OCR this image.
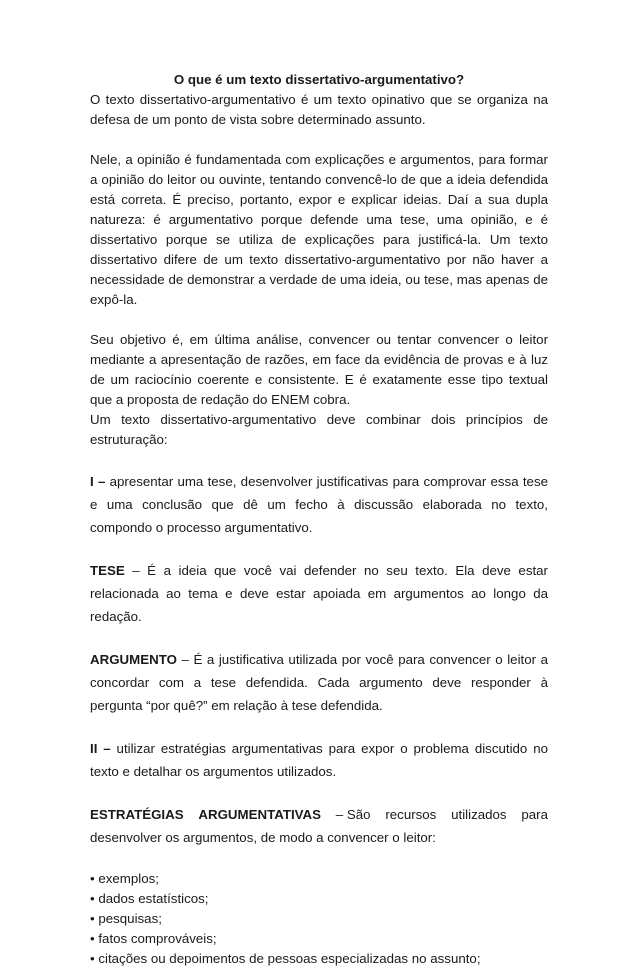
O que é um texto dissertativo-argumentativo?

O texto dissertativo-argumentativo é um texto opinativo que se organiza na defesa de um ponto de vista sobre determinado assunto.

Nele, a opinião é fundamentada com explicações e argumentos, para formar a opinião do leitor ou ouvinte, tentando convencê-lo de que a ideia defendida está correta. É preciso, portanto, expor e explicar ideias. Daí a sua dupla natureza: é argumentativo porque defende uma tese, uma opinião, e é dissertativo porque se utiliza de explicações para justificá-la. Um texto dissertativo difere de um texto dissertativo-argumentativo por não haver a necessidade de demonstrar a verdade de uma ideia, ou tese, mas apenas de expô-la.

Seu objetivo é, em última análise, convencer ou tentar convencer o leitor mediante a apresentação de razões, em face da evidência de provas e à luz de um raciocínio coerente e consistente. E é exatamente esse tipo textual que a proposta de redação do ENEM cobra.

Um texto dissertativo-argumentativo deve combinar dois princípios de estruturação:

I – apresentar uma tese, desenvolver justificativas para comprovar essa tese e uma conclusão que dê um fecho à discussão elaborada no texto, compondo o processo argumentativo.

TESE – É a ideia que você vai defender no seu texto. Ela deve estar relacionada ao tema e deve estar apoiada em argumentos ao longo da redação.

ARGUMENTO – É a justificativa utilizada por você para convencer o leitor a concordar com a tese defendida. Cada argumento deve responder à pergunta “por quê?” em relação à tese defendida.

II – utilizar estratégias argumentativas para expor o problema discutido no texto e detalhar os argumentos utilizados.

ESTRATÉGIAS ARGUMENTATIVAS – São recursos utilizados para
desenvolver os argumentos, de modo a convencer o leitor:
• exemplos;
• dados estatísticos;
• pesquisas;
• fatos comprováveis;
• citações ou depoimentos de pessoas especializadas no assunto;
